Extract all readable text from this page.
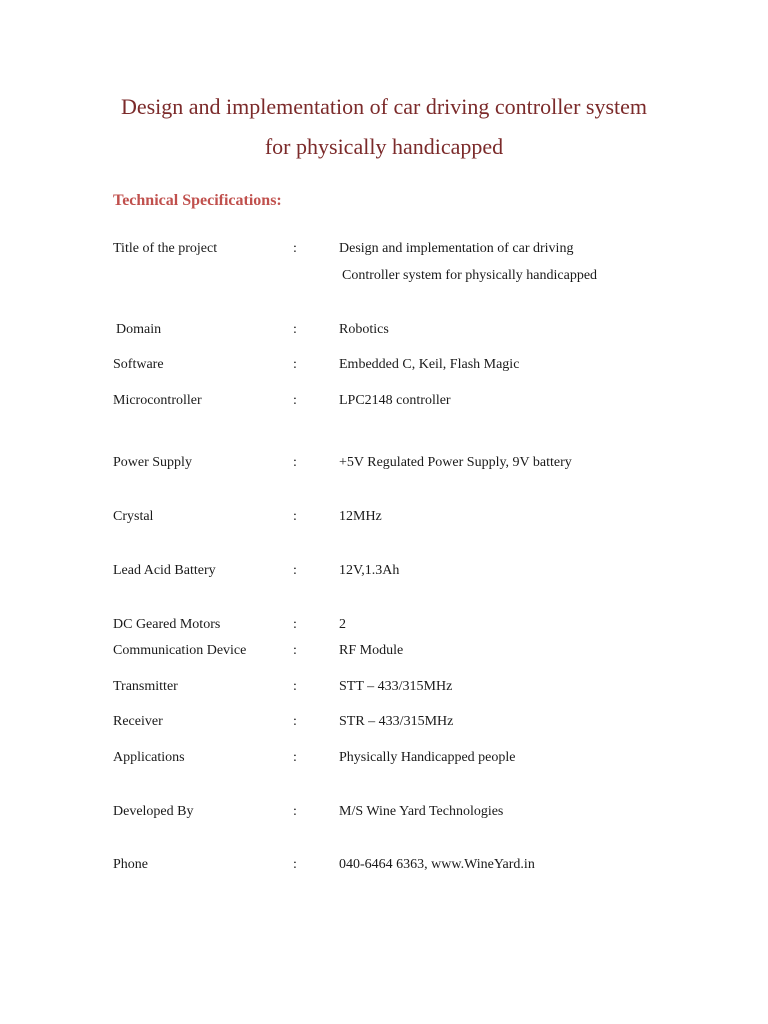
Design and implementation of car driving controller system
for physically handicapped
Technical Specifications:
Title of the project	:	Design and implementation of car driving
Controller system for physically handicapped
Domain	:	Robotics
Software	:	Embedded C, Keil, Flash Magic
Microcontroller	:	LPC2148 controller
Power Supply	:	+5V Regulated Power Supply, 9V battery
Crystal	:	12MHz
Lead Acid Battery	:	12V,1.3Ah
DC Geared Motors	:	2
Communication Device	:	RF Module
Transmitter	:	STT – 433/315MHz
Receiver	:	STR – 433/315MHz
Applications	:	Physically Handicapped people
Developed By	:	M/S Wine Yard Technologies
Phone	:	040-6464 6363, www.WineYard.in
